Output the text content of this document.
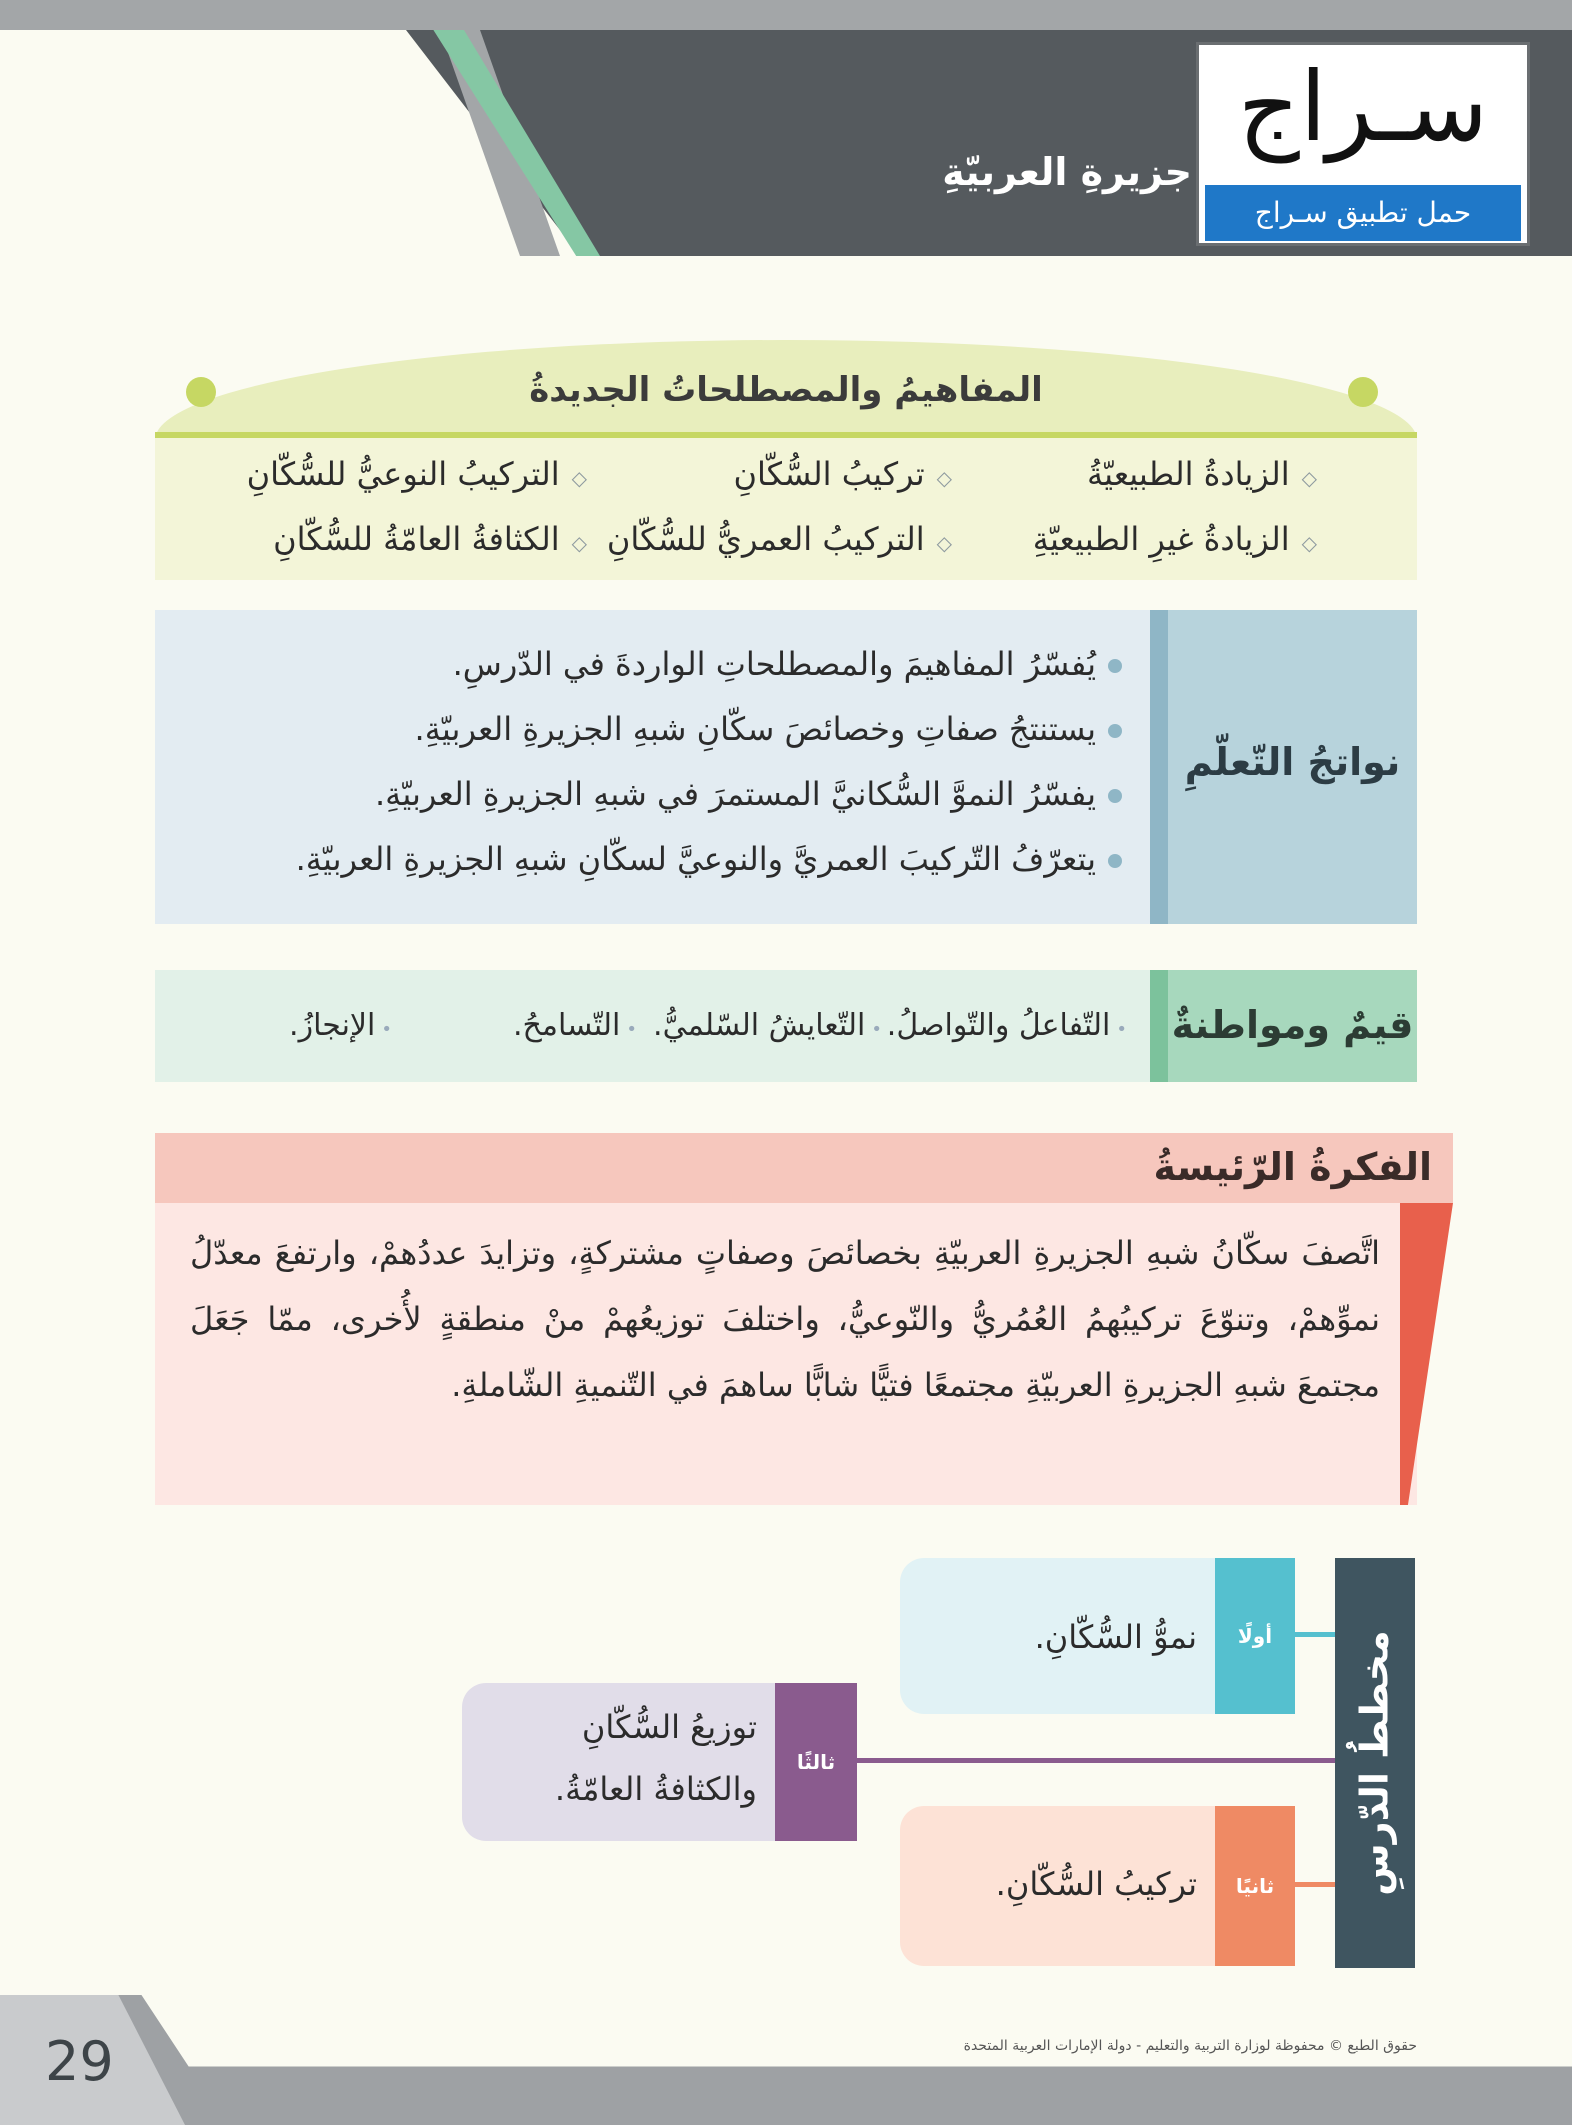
جزيرةِ العربيّةِ
سـراج
حمل تطبيق سـراج
المفاهيمُ والمصطلحاتُ الجديدةُ
◇الزيادةُ الطبيعيّةُ
◇تركيبُ السُّكّانِ
◇التركيبُ النوعيُّ للسُّكّانِ
◇الزيادةُ غيرِ الطبيعيّةِ
◇التركيبُ العمريُّ للسُّكّانِ
◇الكثافةُ العامّةُ للسُّكّانِ
نواتجُ التّعلّمِ
يُفسّرُ المفاهيمَ والمصطلحاتِ الواردةَ في الدّرسِ.
يستنتجُ صفاتِ وخصائصَ سكّانِ شبهِ الجزيرةِ العربيّةِ.
يفسّرُ النموَّ السُّكانيَّ المستمرَ في شبهِ الجزيرةِ العربيّةِ.
يتعرّفُ التّركيبَ العمريَّ والنوعيَّ لسكّانِ شبهِ الجزيرةِ العربيّةِ.
قيمٌ ومواطنةٌ
•التّفاعلُ والتّواصلُ.
•التّعايشُ السّلميُّ.
•التّسامحُ.
•الإنجازُ.
الفكرةُ الرّئيسةُ
اتَّصفَ سكّانُ شبهِ الجزيرةِ العربيّةِ بخصائصَ وصفاتٍ مشتركةٍ، وتزايدَ عددُهمْ، وارتفعَ معدّلُ نموِّهمْ، وتنوّعَ تركيبُهمُ العُمُريُّ والنّوعيُّ، واختلفَ توزيعُهمْ منْ منطقةٍ لأُخرى، ممّا جَعَلَ مجتمعَ شبهِ الجزيرةِ العربيّةِ مجتمعًا فتيًّا شابًّا ساهمَ في التّنميةِ الشّاملةِ.
مخططُ الدّرسِ
أولًا
نموُّ السُّكّانِ.
ثالثًا
توزيعُ السُّكّانِ
والكثافةُ العامّةُ.
ثانيًا
تركيبُ السُّكّانِ.
29	حقوق الطبع © محفوظة لوزارة التربية والتعليم - دولة الإمارات العربية المتحدة
